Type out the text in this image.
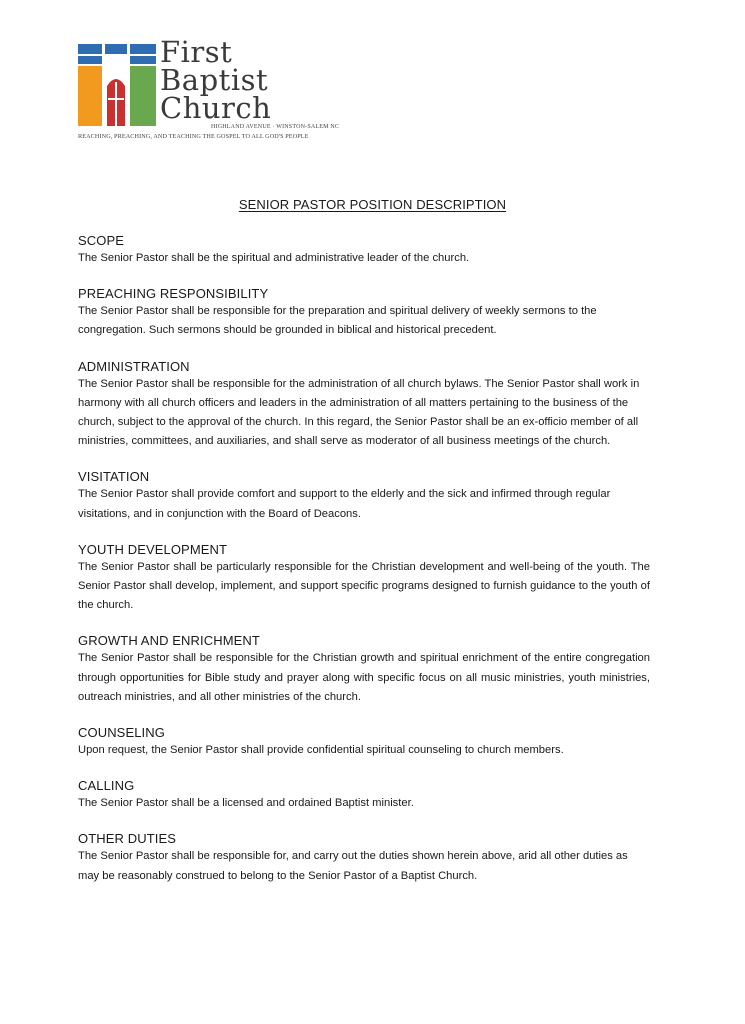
First
Baptist
Church
HIGHLAND AVENUE · WINSTON-SALEM NC
REACHING, PREACHING, AND TEACHING THE GOSPEL TO ALL GOD'S PEOPLE
SENIOR PASTOR POSITION DESCRIPTION
SCOPE

The Senior Pastor shall be the spiritual and administrative leader of the church.

PREACHING RESPONSIBILITY

The Senior Pastor shall be responsible for the preparation and spiritual delivery of weekly sermons to the congregation. Such sermons should be grounded in biblical and historical precedent.

ADMINISTRATION

The Senior Pastor shall be responsible for the administration of all church bylaws. The Senior Pastor shall work in harmony with all church officers and leaders in the administration of all matters pertaining to the business of the church, subject to the approval of the church. In this regard, the Senior Pastor shall be an ex-officio member of all ministries, committees, and auxiliaries, and shall serve as moderator of all business meetings of the church.

VISITATION

The Senior Pastor shall provide comfort and support to the elderly and the sick and infirmed through regular visitations, and in conjunction with the Board of Deacons.

YOUTH DEVELOPMENT

The Senior Pastor shall be particularly responsible for the Christian development and well-being of the youth. The Senior Pastor shall develop, implement, and support specific programs designed to furnish guidance to the youth of the church.

GROWTH AND ENRICHMENT

The Senior Pastor shall be responsible for the Christian growth and spiritual enrichment of the entire congregation through opportunities for Bible study and prayer along with specific focus on all music ministries, youth ministries, outreach ministries, and all other ministries of the church.

COUNSELING

Upon request, the Senior Pastor shall provide confidential spiritual counseling to church members.

CALLING

The Senior Pastor shall be a licensed and ordained Baptist minister.

OTHER DUTIES

The Senior Pastor shall be responsible for, and carry out the duties shown herein above, arid all other duties as may be reasonably construed to belong to the Senior Pastor of a Baptist Church.
